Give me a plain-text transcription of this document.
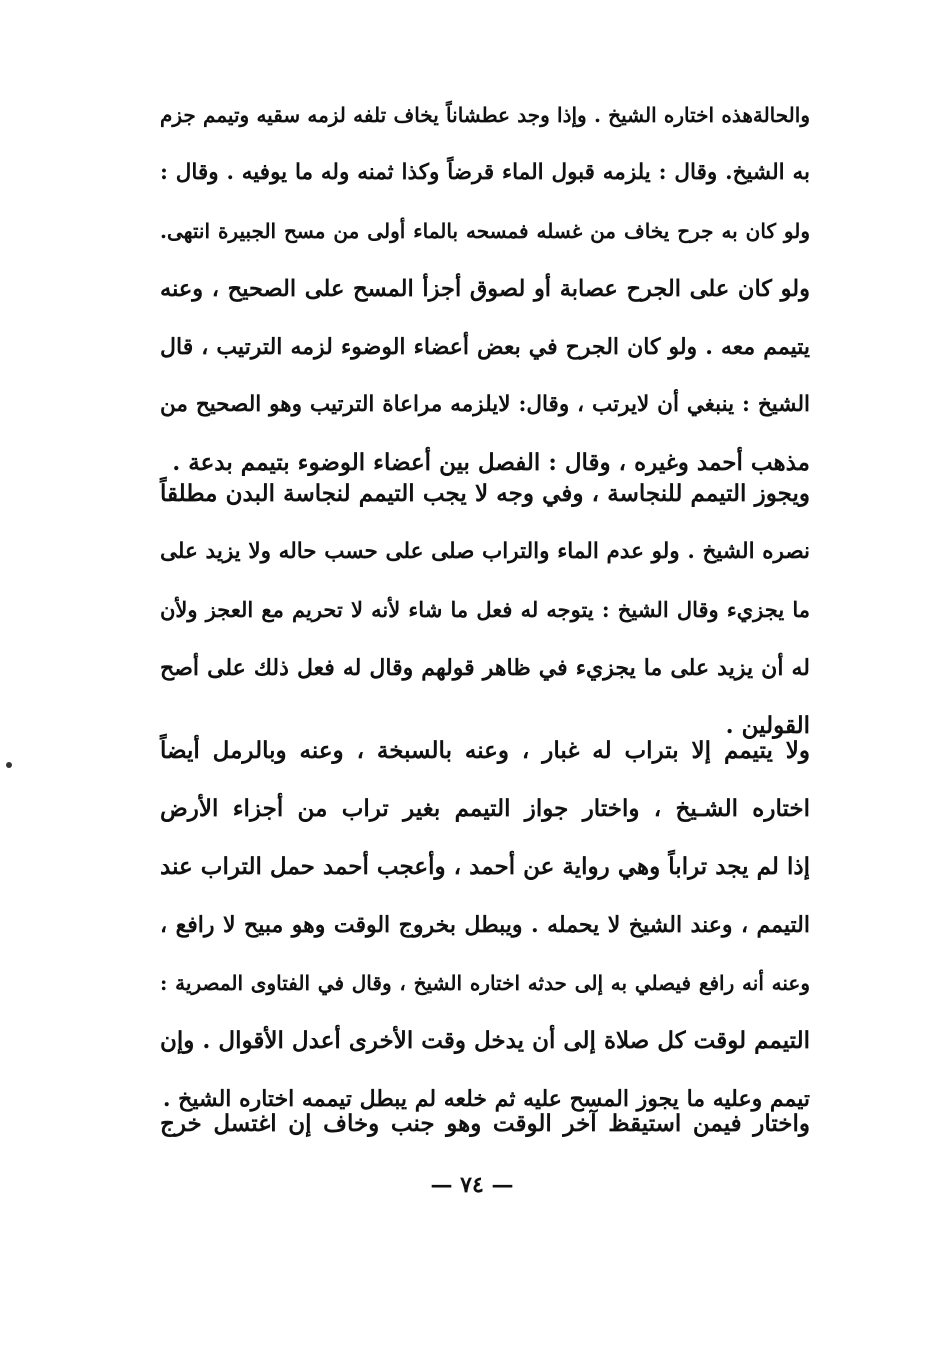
والحالةهذه اختاره الشيخ . وإذا وجد عطشاناً يخاف تلفه لزمه سقيه وتيمم جزم
به الشيخ. وقال : يلزمه قبول الماء قرضاً وكذا ثمنه وله ما يوفيه . وقال :
ولو كان به جرح يخاف من غسله فمسحه بالماء أولى من مسح الجبيرة انتهى.
ولو كان على الجرح عصابة أو لصوق أجزأ المسح على الصحيح ، وعنه
يتيمم معه . ولو كان الجرح في بعض أعضاء الوضوء لزمه الترتيب ، قال
الشيخ : ينبغي أن لايرتب ، وقال: لايلزمه مراعاة الترتيب وهو الصحيح من
مذهب أحمد وغيره ، وقال : الفصل بين أعضاء الوضوء بتيمم بدعة .
ويجوز التيمم للنجاسة ، وفي وجه لا يجب التيمم لنجاسة البدن مطلقاً
نصره الشيخ . ولو عدم الماء والتراب صلى على حسب حاله ولا يزيد على
ما يجزيء وقال الشيخ : يتوجه له فعل ما شاء لأنه لا تحريم مع العجز ولأن
له أن يزيد على ما يجزيء في ظاهر قولهم وقال له فعل ذلك على أصح
القولين .
ولا يتيمم إلا بتراب له غبار ، وعنه بالسبخة ، وعنه وبالرمل أيضاً
اختاره الشـيخ ، واختار جواز التيمم بغير تراب من أجزاء الأرض
إذا لم يجد تراباً وهي رواية عن أحمد ، وأعجب أحمد حمل التراب عند
التيمم ، وعند الشيخ لا يحمله . ويبطل بخروج الوقت وهو مبيح لا رافع ،
وعنه أنه رافع فيصلي به إلى حدثه اختاره الشيخ ، وقال في الفتاوى المصرية :
التيمم لوقت كل صلاة إلى أن يدخل وقت الأخرى أعدل الأقوال . وإن
تيمم وعليه ما يجوز المسح عليه ثم خلعه لم يبطل تيممه اختاره الشيخ .
واختار فيمن استيقظ آخر الوقت وهو جنب وخاف إن اغتسل خرج
— ٧٤ —
